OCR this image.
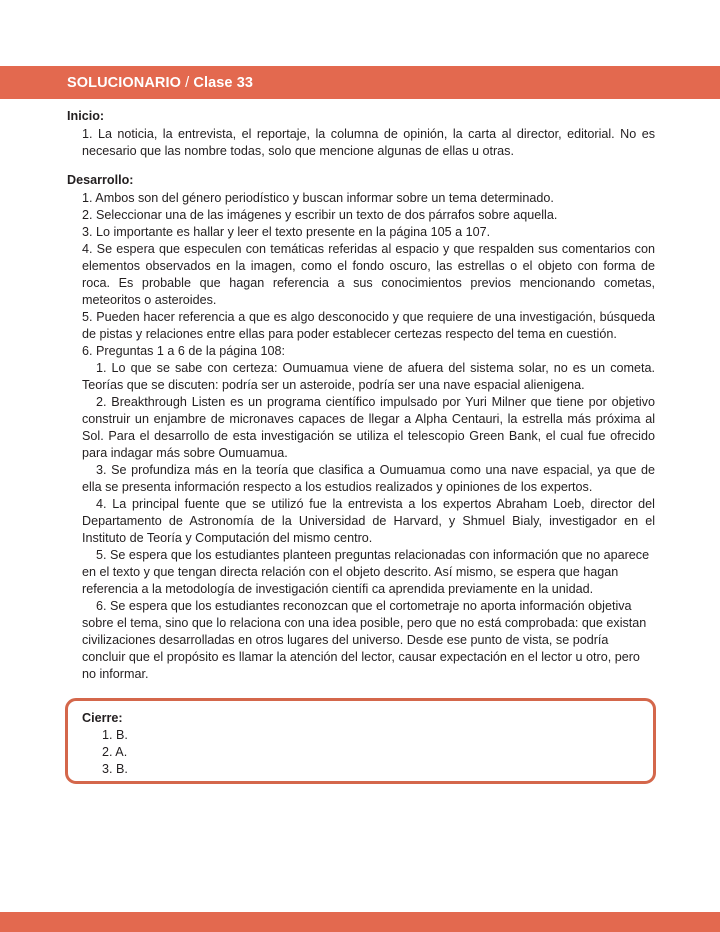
SOLUCIONARIO / Clase 33

Inicio:

1. La noticia, la entrevista, el reportaje, la columna de opinión, la carta al director, editorial. No es necesario que las nombre todas, solo que mencione algunas de ellas u otras.

Desarrollo:

1. Ambos son del género periodístico y buscan informar sobre un tema determinado.

2. Seleccionar una de las imágenes y escribir un texto de dos párrafos sobre aquella.

3. Lo importante es hallar y leer el texto presente en la página 105 a 107.

4. Se espera que especulen con temáticas referidas al espacio y que respalden sus comentarios con elementos observados en la imagen, como el fondo oscuro, las estrellas o el objeto con forma de roca. Es probable que hagan referencia a sus conocimientos previos mencionando cometas, meteoritos o asteroides.

5. Pueden hacer referencia a que es algo desconocido y que requiere de una investigación, búsqueda de pistas y relaciones entre ellas para poder establecer certezas respecto del tema en cuestión.

6. Preguntas 1 a 6 de la página 108:

1. Lo que se sabe con certeza: Oumuamua viene de afuera del sistema solar, no es un cometa. Teorías que se discuten: podría ser un asteroide, podría ser una nave espacial alienigena.

2. Breakthrough Listen es un programa científico impulsado por Yuri Milner que tiene por objetivo construir un enjambre de micronaves capaces de llegar a Alpha Centauri, la estrella más próxima al Sol. Para el desarrollo de esta investigación se utiliza el telescopio Green Bank, el cual fue ofrecido para indagar más sobre Oumuamua.

3. Se profundiza más en la teoría que clasifica a Oumuamua como una nave espacial, ya que de ella se presenta información respecto a los estudios realizados y opiniones de los expertos.

4. La principal fuente que se utilizó fue la entrevista a los expertos Abraham Loeb, director del Departamento de Astronomía de la Universidad de Harvard, y Shmuel Bialy, investigador en el Instituto de Teoría y Computación del mismo centro.

5. Se espera que los estudiantes planteen preguntas relacionadas con información que no aparece en el texto y que tengan directa relación con el objeto descrito. Así mismo, se espera que hagan referencia a la metodología de investigación científi ca aprendida previamente en la unidad.

6. Se espera que los estudiantes reconozcan que el cortometraje no aporta información objetiva sobre el tema, sino que lo relaciona con una idea posible, pero que no está comprobada: que existan civilizaciones desarrolladas en otros lugares del universo. Desde ese punto de vista, se podría concluir que el propósito es llamar la atención del lector, causar expectación en el lector u otro, pero no informar.

Cierre:

1. B.

2. A.

3. B.
